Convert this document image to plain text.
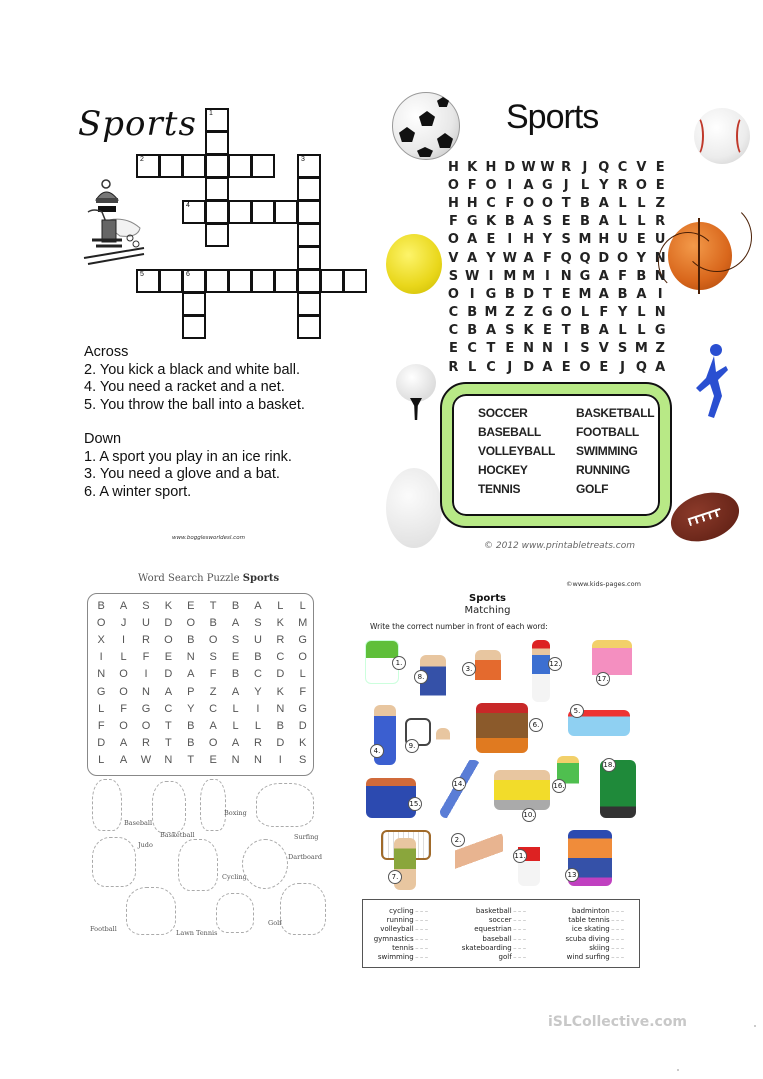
Sports 1
2	3
4
5	6
Across
2. You kick a black and white ball.
4. You need a racket and a net.
5. You throw the ball into a basket.
Down
1. A sport you play in an ice rink.
3. You need a glove and a bat.
6. A winter sport.
www.bogglesworldesl.com
Sports
H K H D W W R J Q C V E
O F O I A G J L Y R O E
H H C F O O T B A L L Z
F G K B A S E B A L L R
O A E I H Y S M H U E U
V A Y W A F Q Q D O Y N
S W I M M I N G A F B N
O I G B D T E M A B A I
C B M Z Z G O L F Y L N
C B A S K E T B A L L G
E C T E N N I S V S M Z
R L C J D A E O E J Q A
SOCCER	BASKETBALL
BASEBALL	FOOTBALL
VOLLEYBALL	SWIMMING
HOCKEY	RUNNING
TENNIS	GOLF
© 2012 www.printabletreats.com
Word Search Puzzle Sports
B	A	S	K	E	T	B	A	L	L
O	J	U	D	O	B	A	S	K	M
X	I	R	O	B	O	S	U	R	G
I	L	F	E	N	S	E	B	C	O
N	O	I	D	A	F	B	C	D	L
G	O	N	A	P	Z	A	Y	K	F
L	F	G	C	Y	C	L	I	N	G
F	O	O	T	B	A	L	L	B	D
D	A	R	T	B	O	A	R	D	K
L	A	W	N	T	E	N	N	I	S
Baseball
Basketball
Boxing
Surfing
Judo
Cycling
Dartboard
Football	Lawn Tennis
Golf
©www.kids-pages.com
Sports
Matching
Write the correct number in front of each word:
1.
8.
3.
12.
17.
5.
6.
4.
9.
14.
15.
10.
16.
18.
2.
11.
7.	13
cycling ‒ ‒ ‒
running ‒ ‒ ‒
volleyball ‒ ‒ ‒
gymnastics ‒ ‒ ‒
tennis ‒ ‒ ‒
swimming ‒ ‒ ‒
basketball ‒ ‒ ‒
soccer ‒ ‒ ‒
equestrian ‒ ‒ ‒
baseball ‒ ‒ ‒
skateboarding ‒ ‒ ‒
golf ‒ ‒ ‒
badminton ‒ ‒ ‒
table tennis ‒ ‒ ‒
ice skating ‒ ‒ ‒
scuba diving ‒ ‒ ‒
skiing ‒ ‒ ‒
wind surfing ‒ ‒ ‒
iSLCollective.com
